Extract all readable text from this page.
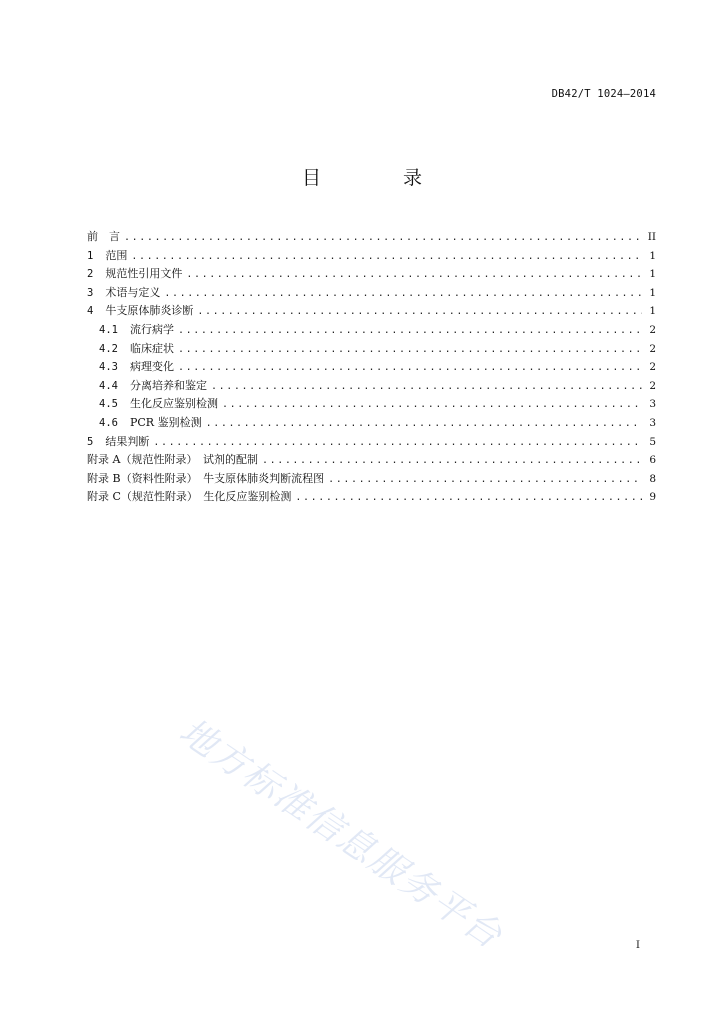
DB42/T 1024—2014
目 录
前　言 .....	II
1 范围 .....	1
2 规范性引用文件 .....	1
3 术语与定义 .....	1
4 牛支原体肺炎诊断 .....	1
4.1 流行病学 .....	2
4.2 临床症状 .....	2
4.3 病理变化 .....	2
4.4 分离培养和鉴定 .....	2
4.5 生化反应鉴别检测 .....	3
4.6 PCR 鉴别检测 .....	3
5 结果判断 .....	5
附录 A（规范性附录）　试剂的配制 .....	6
附录 B（资料性附录）　牛支原体肺炎判断流程图 .....	8
附录 C（规范性附录）　生化反应鉴别检测 .....	9
地方标准信息服务平台	I
